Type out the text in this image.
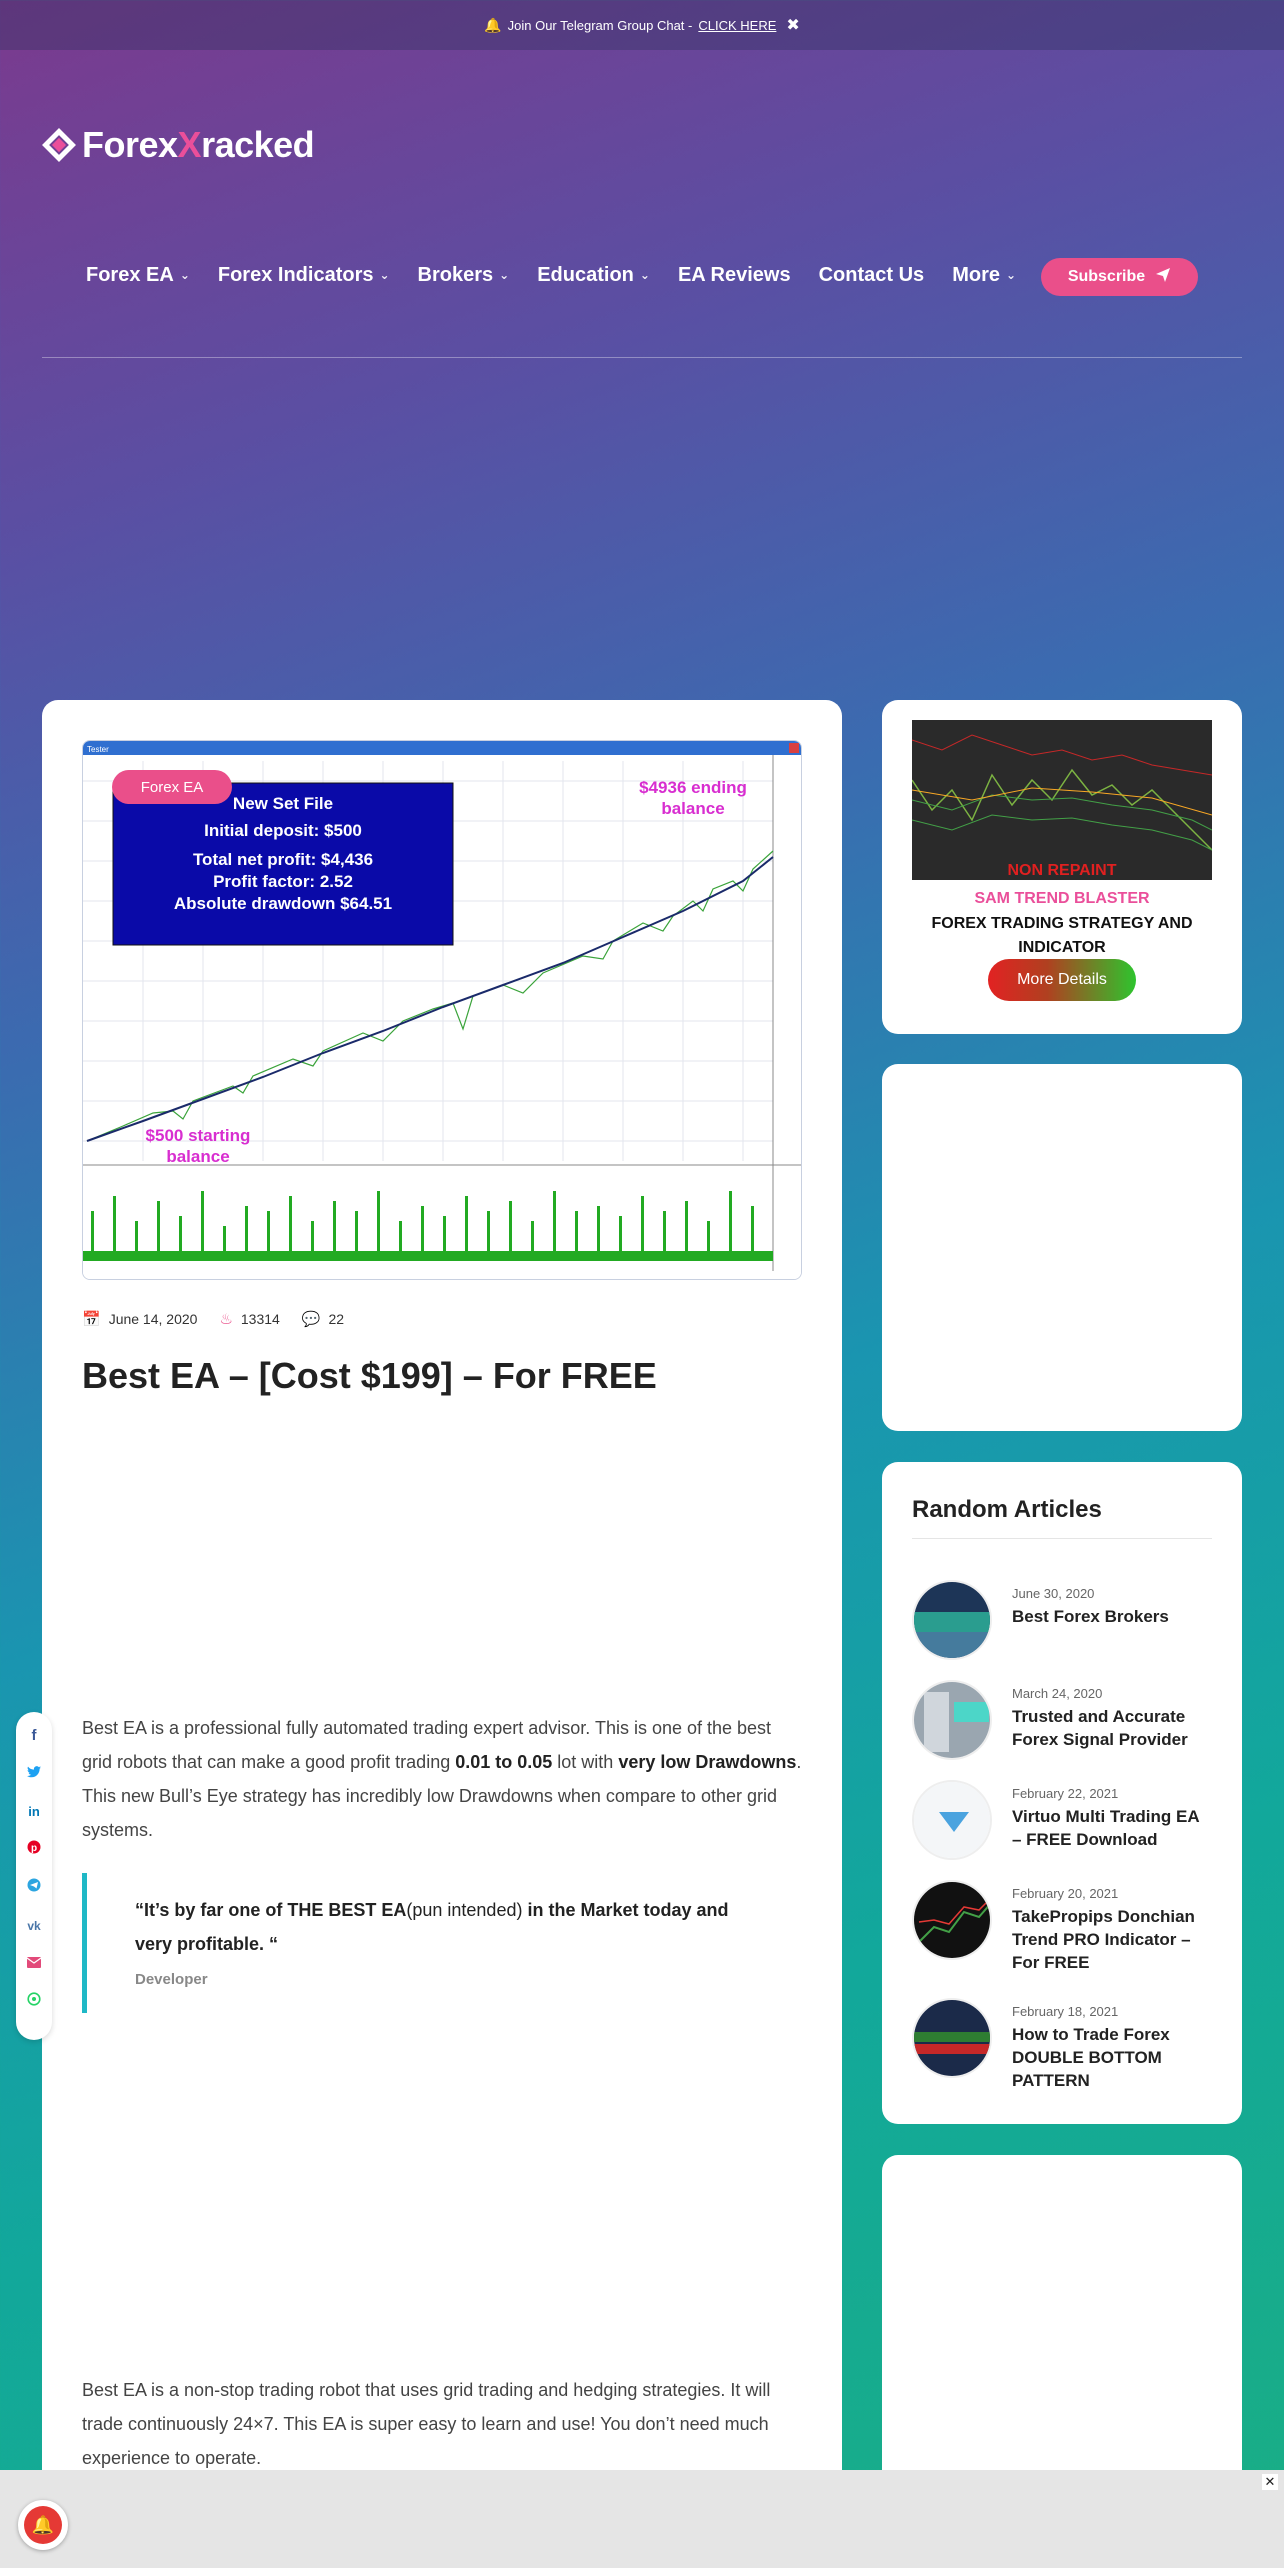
🔔 Join Our Telegram Group Chat - CLICK HERE ✖
ForexXracked
Forex EA ⌄ Forex Indicators ⌄ Brokers ⌄ Education ⌄ EA Reviews Contact Us More ⌄	Subscribe
Tester
New Set File
Initial deposit: $500
Total net profit: $4,436
Profit factor: 2.52
Absolute drawdown $64.51
$4936 ending
balance
$500 starting
balance
Forex EA
📅 June 14, 2020 ♨ 13314 💬 22
Best EA – [Cost $199] – For FREE

Best EA is a professional fully automated trading expert advisor. This is one of the best grid robots that can make a good profit trading 0.01 to 0.05 lot with very low Drawdowns. This new Bull’s Eye strategy has incredibly low Drawdowns when compare to other grid systems.

“It’s by far one of THE BEST EA(pun intended) in the Market today and very profitable. “
Developer

Best EA is a non-stop trading robot that uses grid trading and hedging strategies. It will trade continuously 24×7. This EA is super easy to learn and use! You don’t need much experience to operate.

f
in
p
vk
NON REPAINT
SAM TREND BLASTER
FOREX TRADING STRATEGY AND INDICATOR
More Details
Random Articles
June 30, 2020
Best Forex Brokers
March 24, 2020
Trusted and Accurate Forex Signal Provider
February 22, 2021
Virtuo Multi Trading EA – FREE Download
February 20, 2021
TakePropips Donchian Trend PRO Indicator – For FREE
February 18, 2021
How to Trade Forex DOUBLE BOTTOM PATTERN
✕
🔔
